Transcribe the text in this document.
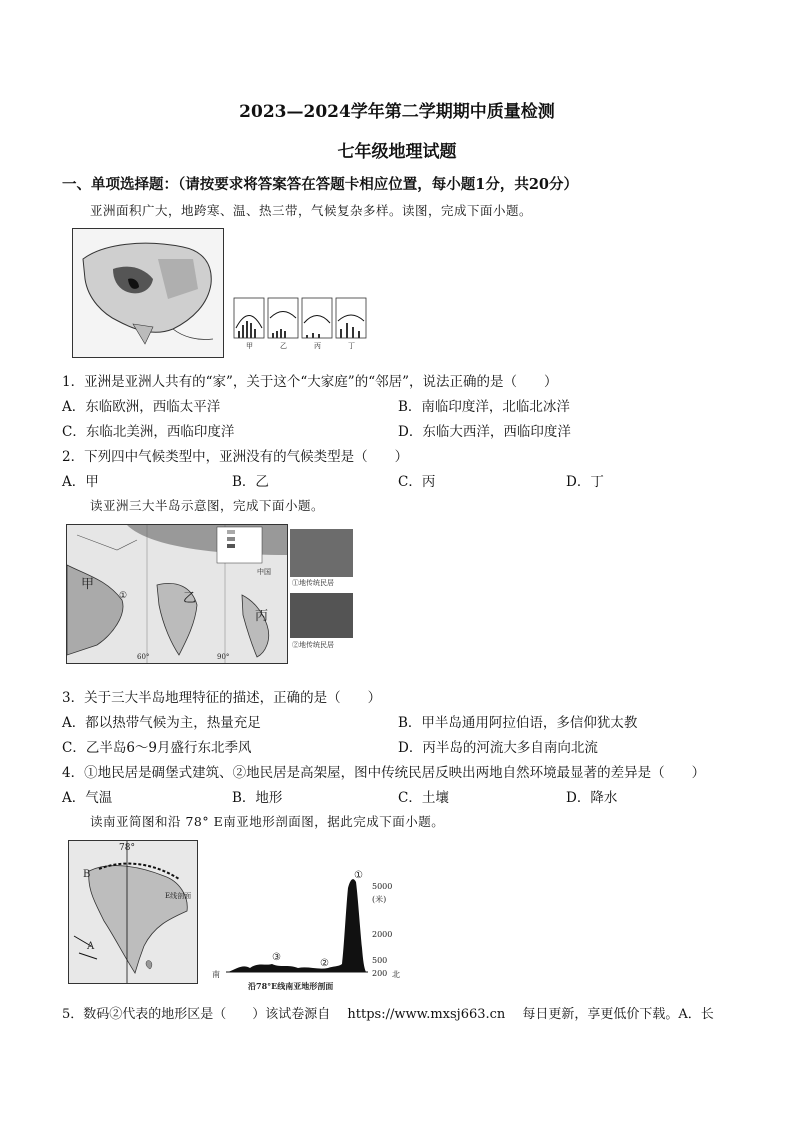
2023—2024学年第二学期期中质量检测
七年级地理试题
一、单项选择题：（请按要求将答案答在答题卡相应位置，每小题1分，共20分）
亚洲面积广大，地跨寒、温、热三带，气候复杂多样。读图，完成下面小题。
甲	乙	丙	丁
1．亚洲是亚洲人共有的“家”，关于这个“大家庭”的“邻居”，说法正确的是（　　）
A．东临欧洲，西临太平洋	B．南临印度洋，北临北冰洋
C．东临北美洲，西临印度洋	D．东临大西洋，西临印度洋
2．下列四中气候类型中，亚洲没有的气候类型是（　　）
A．甲	B．乙	C．丙	D．丁
读亚洲三大半岛示意图，完成下面小题。
甲
乙
丙
①
中国
60°	90°
①地传统民居
②地传统民居
3．关于三大半岛地理特征的描述，正确的是（　　）
A．都以热带气候为主，热量充足	B．甲半岛通用阿拉伯语，多信仰犹太教
C．乙半岛6～9月盛行东北季风	D．丙半岛的河流大多自南向北流
4．①地民居是碉堡式建筑、②地民居是高架屋，图中传统民居反映出两地自然环境最显著的差异是（　　）
A．气温	B．地形	C．土壤	D．降水
读南亚简图和沿 78° E南亚地形剖面图，据此完成下面小题。
78°
B
A
E线剖面
①
②
③
5000
(米)
2000
500
200
南	北
沿78°E线南亚地形剖面
5．数码②代表的地形区是（　　）该试卷源自　 https://www.mxsj663.cn　 每日更新，享更低价下载。A．长
